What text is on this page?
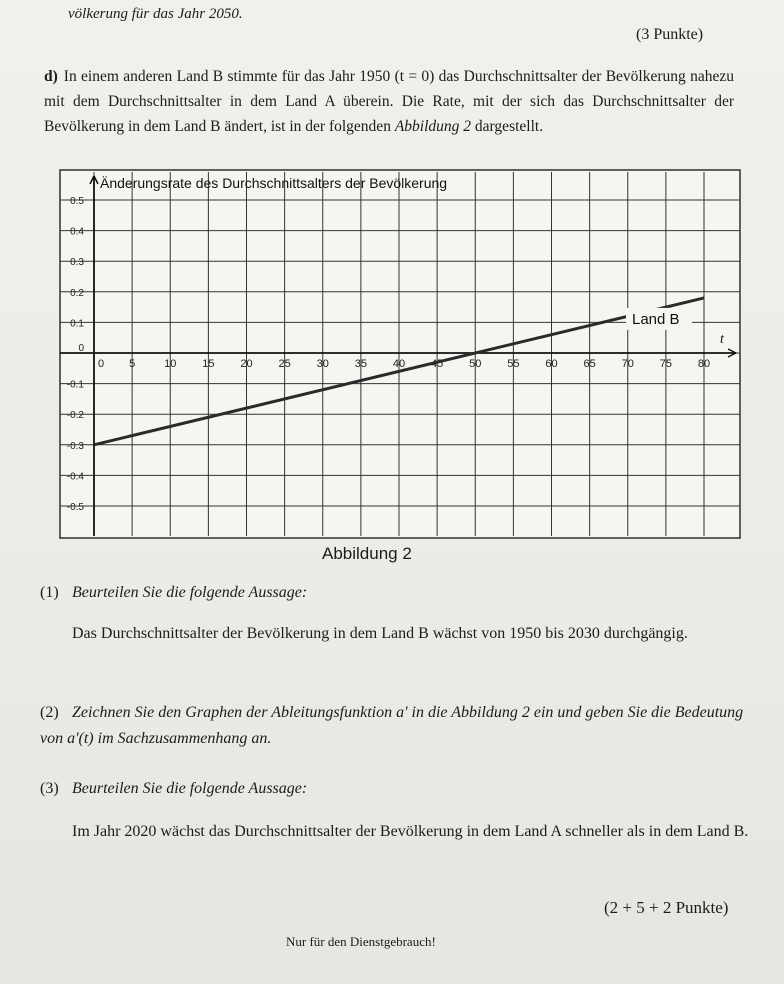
völkerung für das Jahr 2050.
(3 Punkte)
d) In einem anderen Land B stimmte für das Jahr 1950 (t = 0) das Durchschnittsalter der Bevölkerung nahezu mit dem Durchschnittsalter in dem Land A überein. Die Rate, mit der sich das Durchschnittsalter der Bevölkerung in dem Land B ändert, ist in der folgenden Abbildung 2 dargestellt.
Änderungsrate des Durchschnittsalters der Bevölkerung
0 5	10 15 20 25 30 35 40 45 50 55 60 65 70 75 80
0.5
0.4
0.3
0.2
0.1
0
-0.1
-0.2
-0.3
-0.4
-0.5
t
Land B
Abbildung 2
(1) Beurteilen Sie die folgende Aussage:
Das Durchschnittsalter der Bevölkerung in dem Land B wächst von 1950 bis 2030 durchgängig.
(2) Zeichnen Sie den Graphen der Ableitungsfunktion a' in die Abbildung 2 ein und geben Sie die Bedeutung von a'(t) im Sachzusammenhang an.
(3) Beurteilen Sie die folgende Aussage:
Im Jahr 2020 wächst das Durchschnittsalter der Bevölkerung in dem Land A schneller als in dem Land B.
(2 + 5 + 2 Punkte)
Nur für den Dienstgebrauch!
